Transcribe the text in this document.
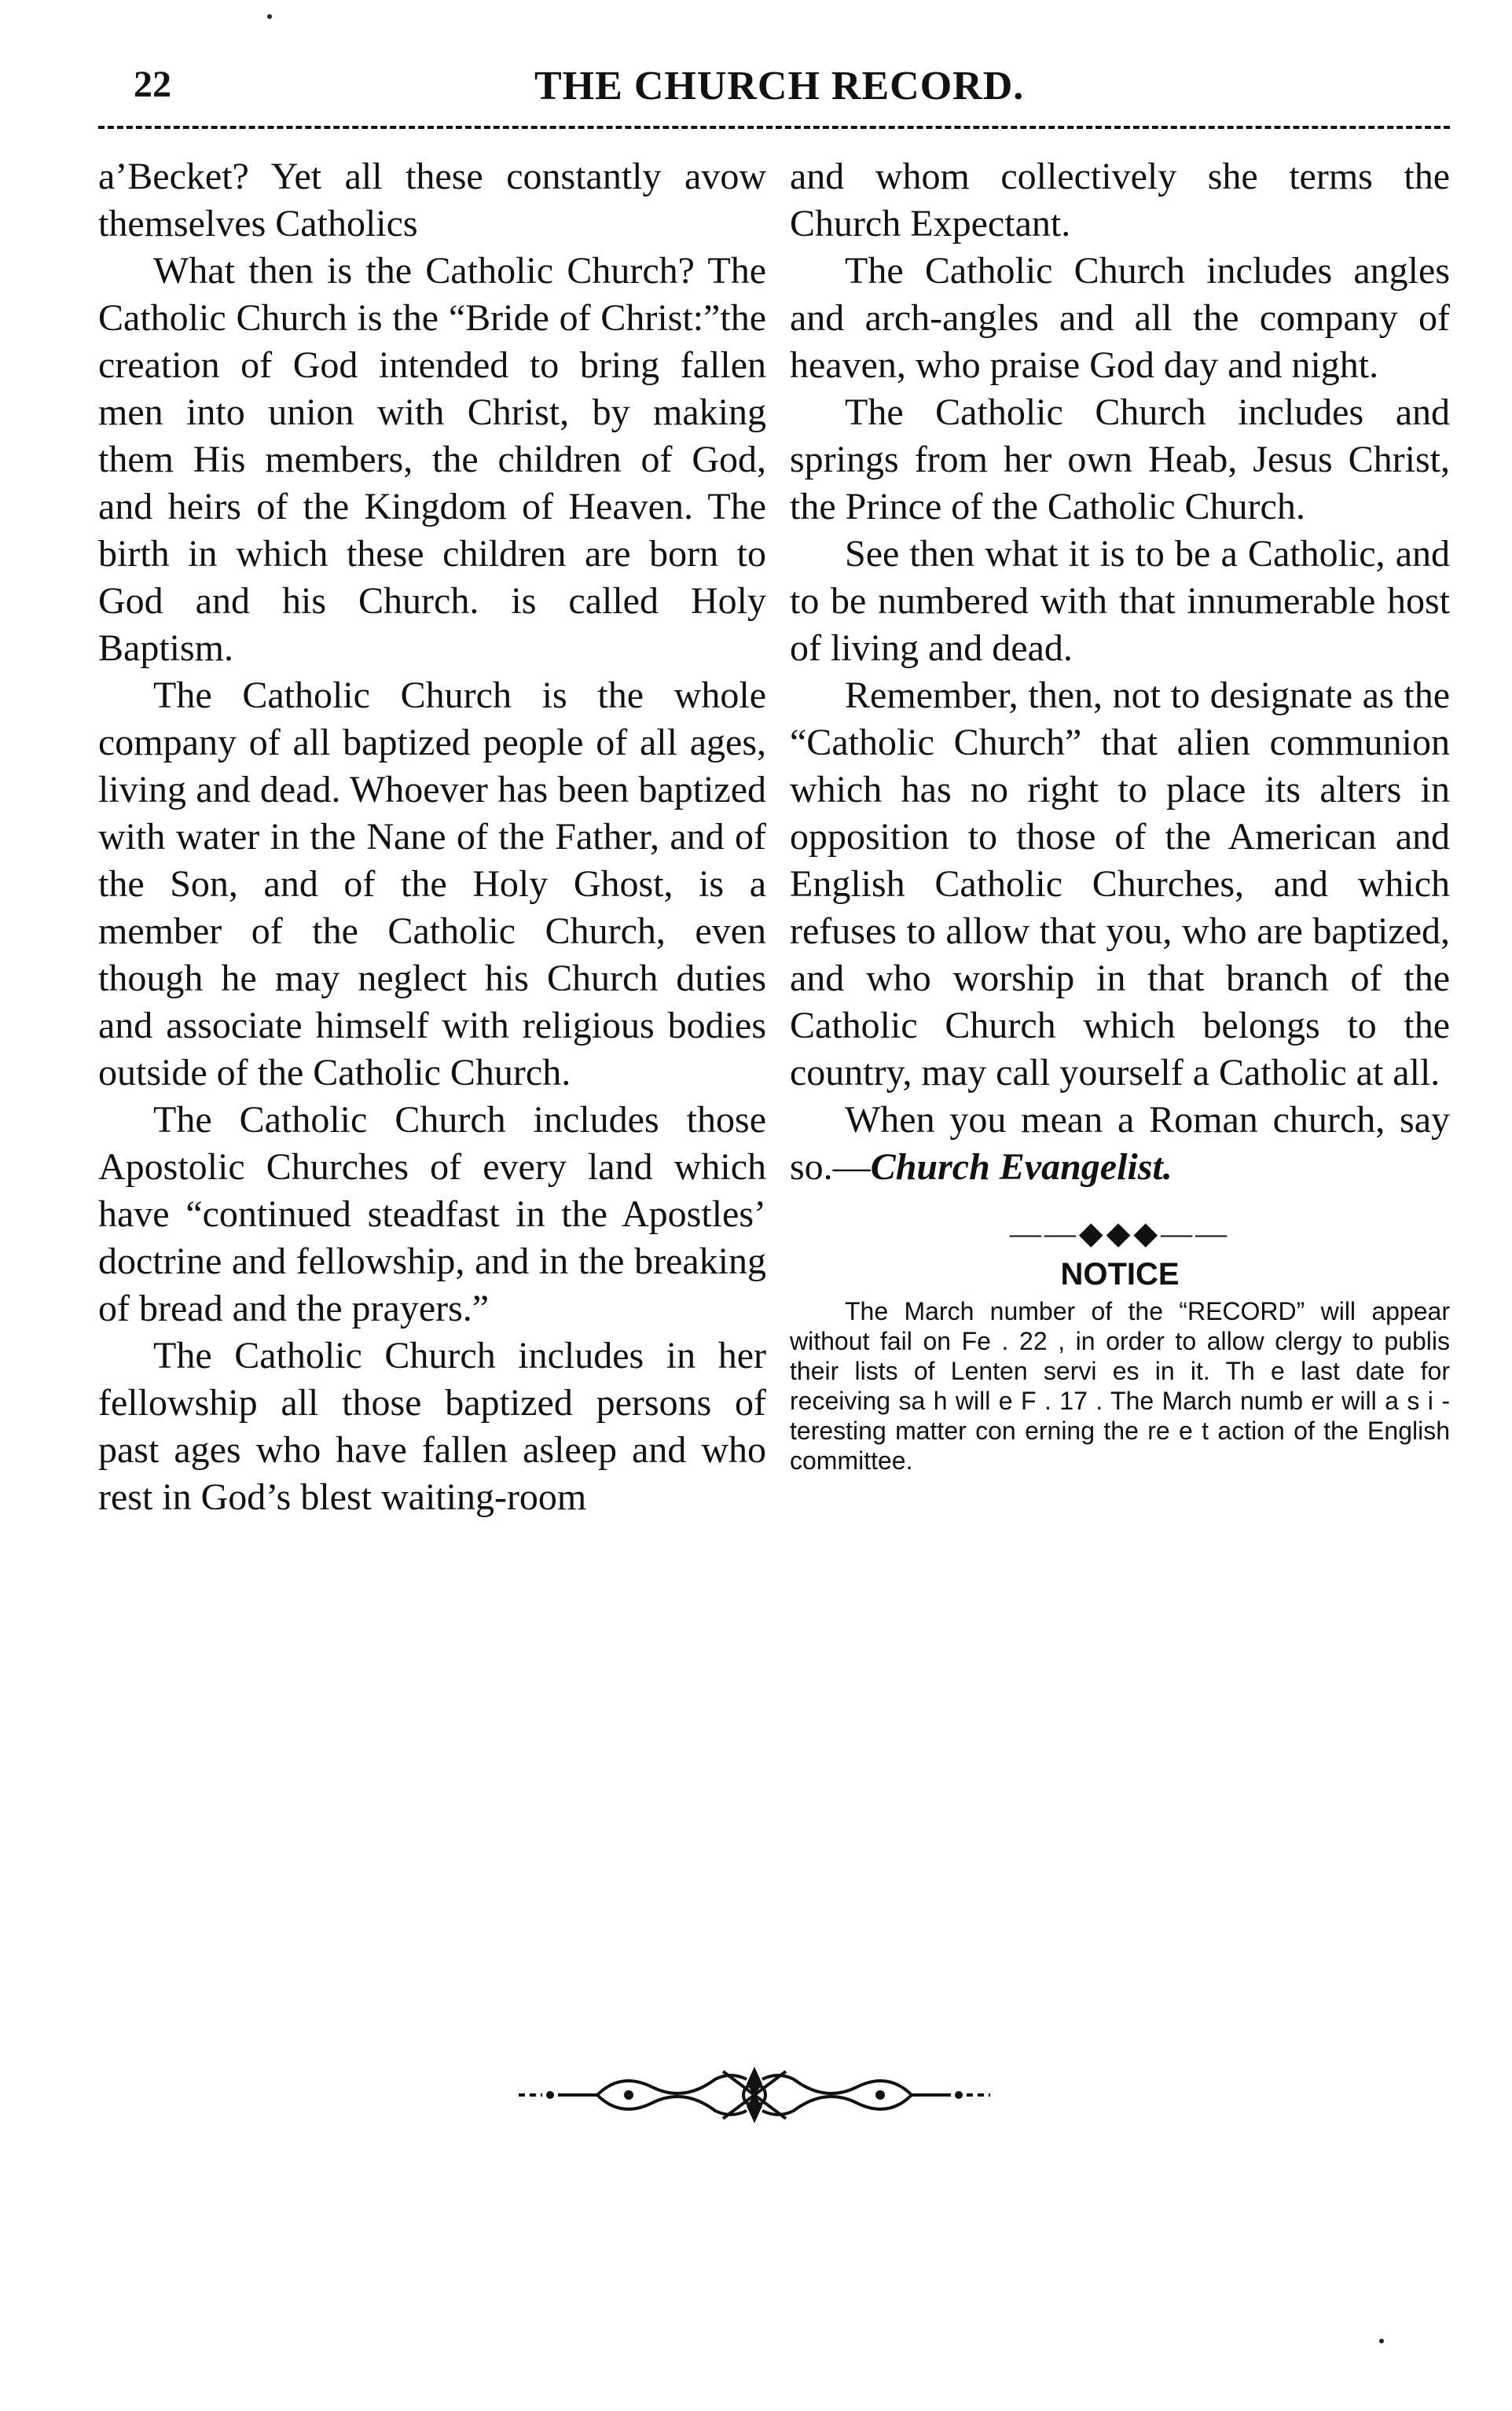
22	THE CHURCH RECORD.

a’Becket? Yet all these constantly avow themselves Catholics

What then is the Catholic Church? The Catholic Church is the “Bride of Christ:”the creation of God intended to bring fallen men into union with Christ, by making them His members, the children of God, and heirs of the Kingdom of Heaven. The birth in which these children are born to God and his Church. is called Holy Baptism.

The Catholic Church is the whole company of all baptized people of all ages, living and dead. Whoever has been baptized with water in the Nane of the Father, and of the Son, and of the Holy Ghost, is a member of the Catholic Church, even though he may neglect his Church duties and associate himself with religious bodies outside of the Catholic Church.

The Catholic Church includes those Apostolic Churches of every land which have “continued steadfast in the Apostles’ doctrine and fellowship, and in the breaking of bread and the prayers.”

The Catholic Church includes in her fellowship all those baptized persons of past ages who have fallen asleep and who rest in God’s blest waiting-room

and whom collectively she terms the Church Expectant.

The Catholic Church includes angles and arch-angles and all the company of heaven, who praise God day and night.

The Catholic Church includes and springs from her own Heab, Jesus Christ, the Prince of the Catholic Church.

See then what it is to be a Catholic, and to be numbered with that innumerable host of living and dead.

Remember, then, not to designate as the “Catholic Church” that alien communion which has no right to place its alters in opposition to those of the American and English Catholic Churches, and which refuses to allow that you, who are baptized, and who worship in that branch of the Catholic Church which belongs to the country, may call yourself a Catholic at all.

When you mean a Roman church, say so.—Church Evangelist.

——◆◆◆——
NOTICE

The March number of the “RECORD” will appear without fail on Fe . 22 , in order to allow clergy to publis their lists of Lenten servi es in it. Th e last date for receiving sa h will e F . 17 . The March numb er will a s i - teresting matter con erning the re e t action of the English committee.
